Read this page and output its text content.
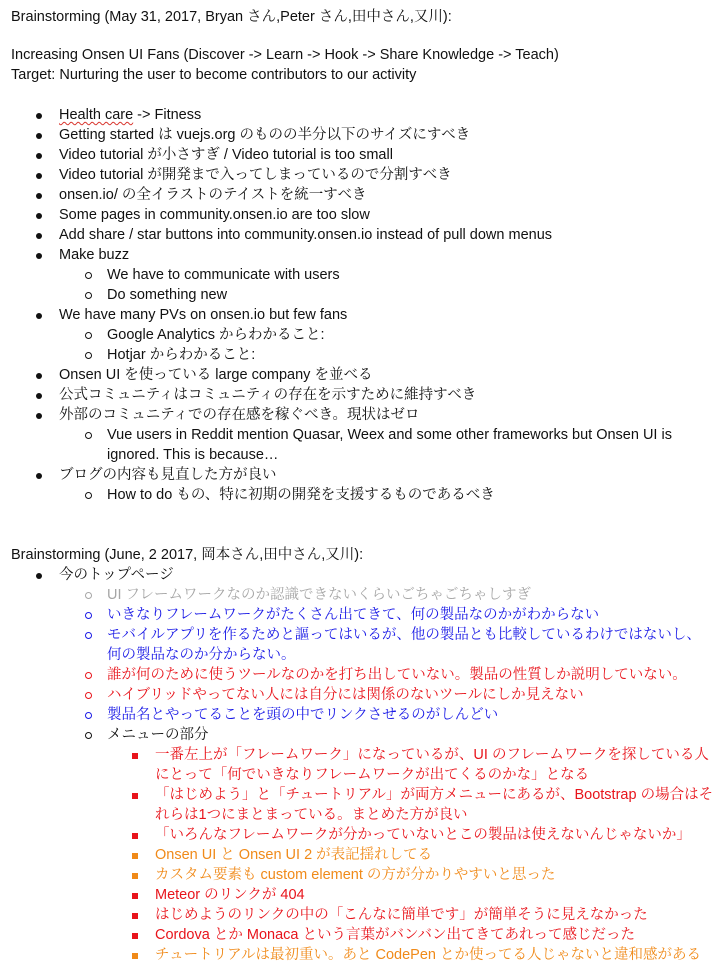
Brainstorming (May 31, 2017, Bryan さん,Peter さん,田中さん,又川):
Increasing Onsen UI Fans (Discover -> Learn -> Hook -> Share Knowledge -> Teach)
Target: Nurturing the user to become contributors to our activity
Health care -> Fitness
Getting started は vuejs.org のものの半分以下のサイズにすべき
Video tutorial が小さすぎ / Video tutorial is too small
Video tutorial が開発まで入ってしまっているので分割すべき
onsen.io/ の全イラストのテイストを統一すべき
Some pages in community.onsen.io are too slow
Add share / star buttons into community.onsen.io instead of pull down menus
Make buzz
We have to communicate with users
Do something new
We have many PVs on onsen.io but few fans
Google Analytics からわかること:
Hotjar からわかること:
Onsen UI を使っている large company を並べる
公式コミュニティはコミュニティの存在を示すために維持すべき
外部のコミュニティでの存在感を稼ぐべき。現状はゼロ
Vue users in Reddit mention Quasar, Weex and some other frameworks but Onsen UI is ignored. This is because…
ブログの内容も見直した方が良い
How to do もの、特に初期の開発を支援するものであるべき
Brainstorming (June, 2 2017, 岡本さん,田中さん,又川):
今のトップページ
UI フレームワークなのか認識できないくらいごちゃごちゃしすぎ
いきなりフレームワークがたくさん出てきて、何の製品なのかがわからない
モバイルアプリを作るためと謳ってはいるが、他の製品とも比較しているわけではないし、何の製品なのか分からない。
誰が何のために使うツールなのかを打ち出していない。製品の性質しか説明していない。
ハイブリッドやってない人には自分には関係のないツールにしか見えない
製品名とやってることを頭の中でリンクさせるのがしんどい
メニューの部分
一番左上が「フレームワーク」になっているが、UI のフレームワークを探している人にとって「何でいきなりフレームワークが出てくるのかな」となる
「はじめよう」と「チュートリアル」が両方メニューにあるが、Bootstrap の場合はそれらは1つにまとまっている。まとめた方が良い
「いろんなフレームワークが分かっていないとこの製品は使えないんじゃないか」
Onsen UI と Onsen UI 2 が表記揺れしてる
カスタム要素も custom element の方が分かりやすいと思った
Meteor のリンクが 404
はじめようのリンクの中の「こんなに簡単です」が簡単そうに見えなかった
Cordova とか Monaca という言葉がバンバン出てきてあれって感じだった
チュートリアルは最初重い。あと CodePen とか使ってる人じゃないと違和感がある
